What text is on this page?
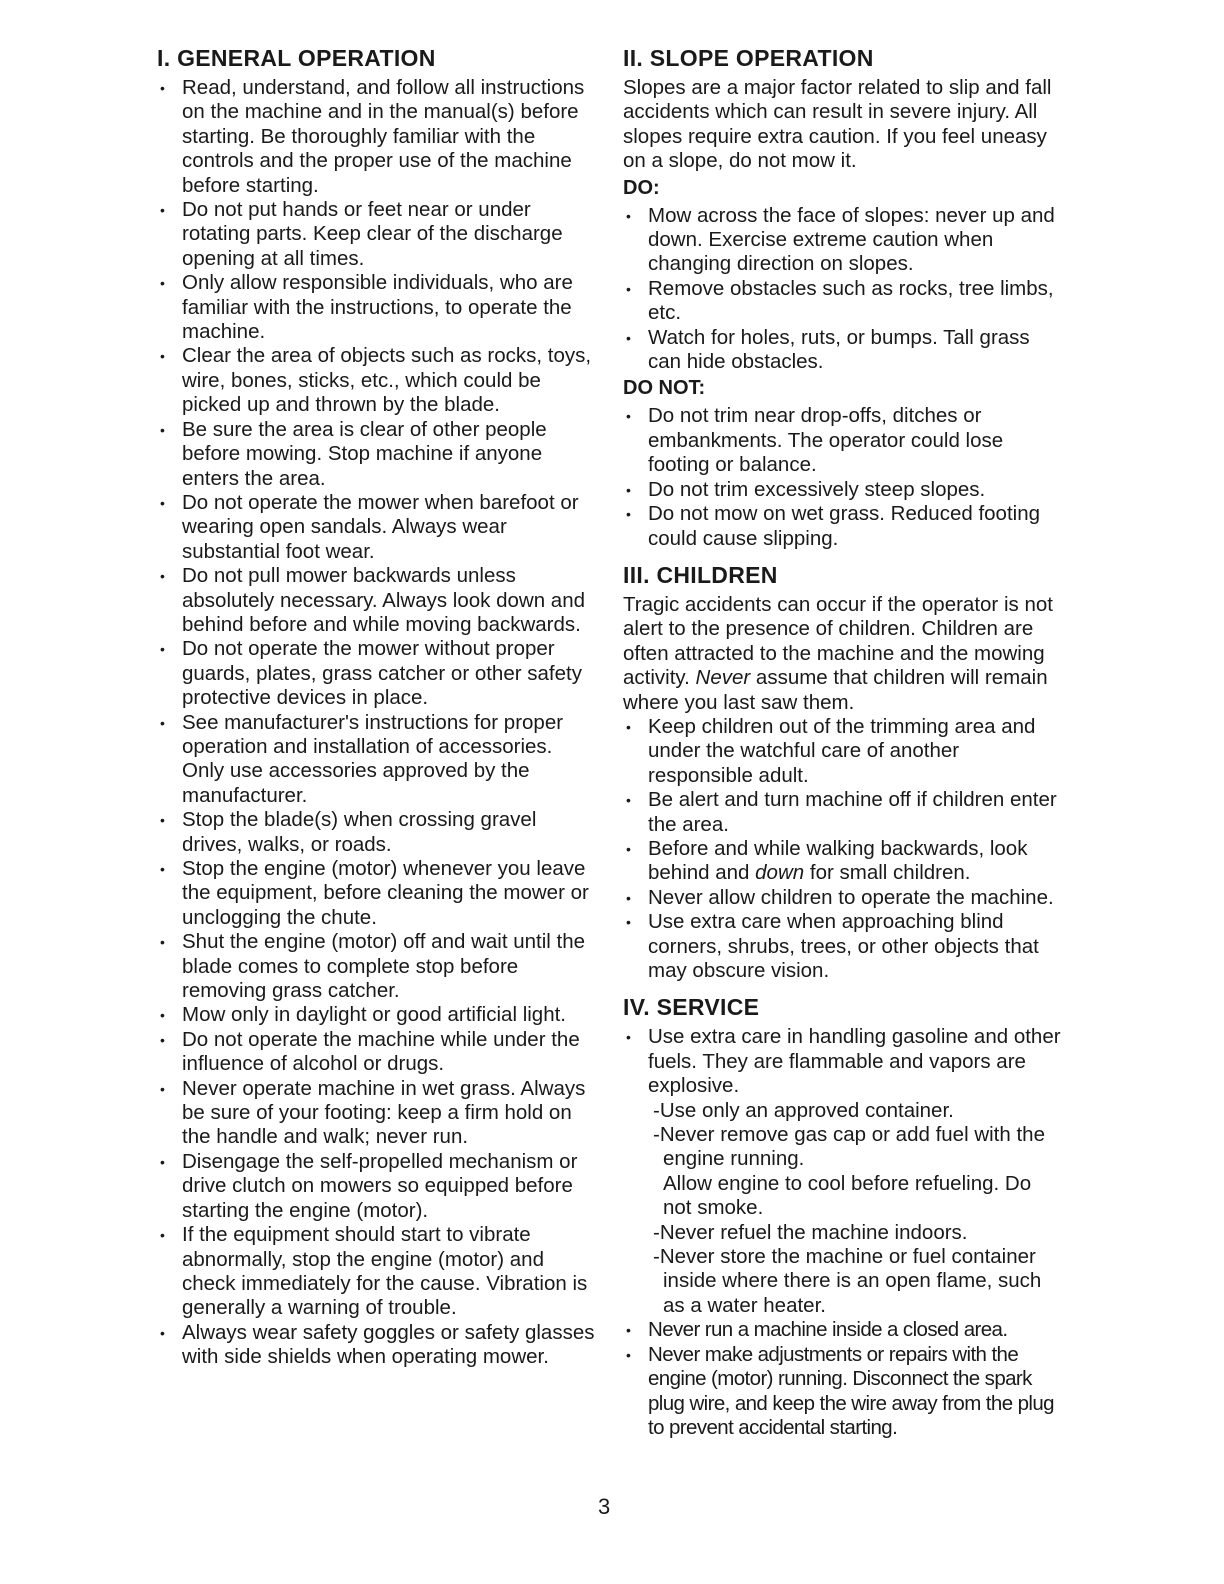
I. GENERAL OPERATION
• Read, understand, and follow all instructions on the machine and in the manual(s) before starting. Be thoroughly familiar with the controls and the proper use of the machine before starting.
• Do not put hands or feet near or under rotating parts. Keep clear of the discharge opening at all times.
• Only allow responsible individuals, who are familiar with the instructions, to operate the machine.
• Clear the area of objects such as rocks, toys, wire, bones, sticks, etc., which could be picked up and thrown by the blade.
• Be sure the area is clear of other people before mowing. Stop machine if anyone enters the area.
• Do not operate the mower when barefoot or wearing open sandals. Always wear substantial foot wear.
• Do not pull mower backwards unless absolutely necessary. Always look down and behind before and while moving backwards.
• Do not operate the mower without proper guards, plates, grass catcher or other safety protective devices in place.
• See manufacturer's instructions for proper operation and installation of accessories. Only use accessories approved by the manufacturer.
• Stop the blade(s) when crossing gravel drives, walks, or roads.
• Stop the engine (motor) whenever you leave the equipment, before cleaning the mower or unclogging the chute.
• Shut the engine (motor) off and wait until the blade comes to complete stop before removing grass catcher.
• Mow only in daylight or good artificial light.
• Do not operate the machine while under the influence of alcohol or drugs.
• Never operate machine in wet grass. Always be sure of your footing: keep a firm hold on the handle and walk; never run.
• Disengage the self-propelled mechanism or drive clutch on mowers so equipped before starting the engine (motor).
• If the equipment should start to vibrate abnormally, stop the engine (motor) and check immediately for the cause. Vibration is generally a warning of trouble.
• Always wear safety goggles or safety glasses with side shields when operating mower.
II. SLOPE OPERATION

Slopes are a major factor related to slip and fall accidents which can result in severe injury. All slopes require extra caution. If you feel uneasy on a slope, do not mow it.

DO:
• Mow across the face of slopes: never up and down. Exercise extreme caution when changing direction on slopes.
• Remove obstacles such as rocks, tree limbs, etc.
• Watch for holes, ruts, or bumps. Tall grass can hide obstacles.
DO NOT:
• Do not trim near drop-offs, ditches or embankments. The operator could lose footing or balance.
• Do not trim excessively steep slopes.
• Do not mow on wet grass. Reduced footing could cause slipping.
III. CHILDREN

Tragic accidents can occur if the operator is not alert to the presence of children. Children are often attracted to the machine and the mowing activity. Never assume that children will remain where you last saw them.

• Keep children out of the trimming area and under the watchful care of another responsible adult.
• Be alert and turn machine off if children enter the area.
• Before and while walking backwards, look behind and down for small children.
• Never allow children to operate the machine.
• Use extra care when approaching blind corners, shrubs, trees, or other objects that may obscure vision.
IV. SERVICE
• Use extra care in handling gasoline and other fuels. They are flammable and vapors are explosive.
-Use only an approved container.
-Never remove gas cap or add fuel with the engine running.
Allow engine to cool before refueling. Do not smoke.
-Never refuel the machine indoors.
-Never store the machine or fuel container inside where there is an open flame, such as a water heater.
• Never run a machine inside a closed area.
• Never make adjustments or repairs with the engine (motor) running. Disconnect the spark plug wire, and keep the wire away from the plug to prevent accidental starting.
3
